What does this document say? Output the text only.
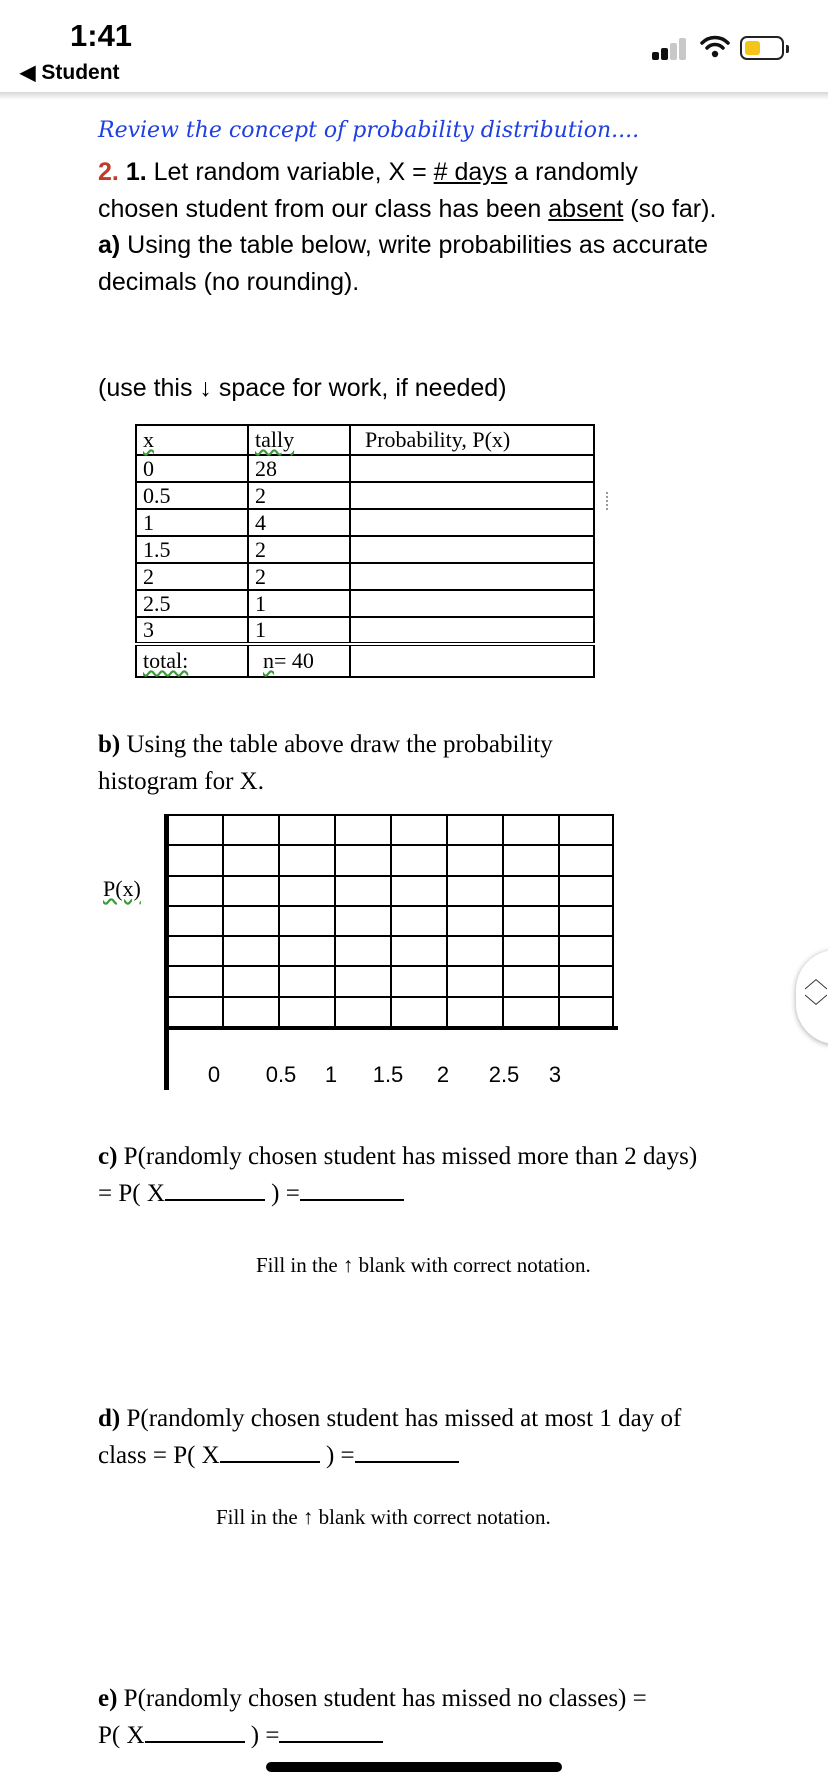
1:41
◀ Student
Review the concept of probability distribution....
2. 1. Let random variable, X = # days a randomly chosen student from our class has been absent (so far).
a) Using the table below, write probabilities as accurate decimals (no rounding).
(use this ↓ space for work, if needed)
x	tally	Probability, P(x)
0	28	
0.5	2	
1	4	
1.5	2	
2	2	
2.5	1	
3	1	
total:	n= 40	
b) Using the table above draw the probability histogram for X.
P(x)
0	0.5	1	1.5	2	2.5	3
c) P(randomly chosen student has missed more than 2 days) = P( X	) =
Fill in the ↑ blank with correct notation.
d) P(randomly chosen student has missed at most 1 day of class = P( X	) =
Fill in the ↑ blank with correct notation.
e) P(randomly chosen student has missed no classes) =
P( X	) =
︿
﹀
